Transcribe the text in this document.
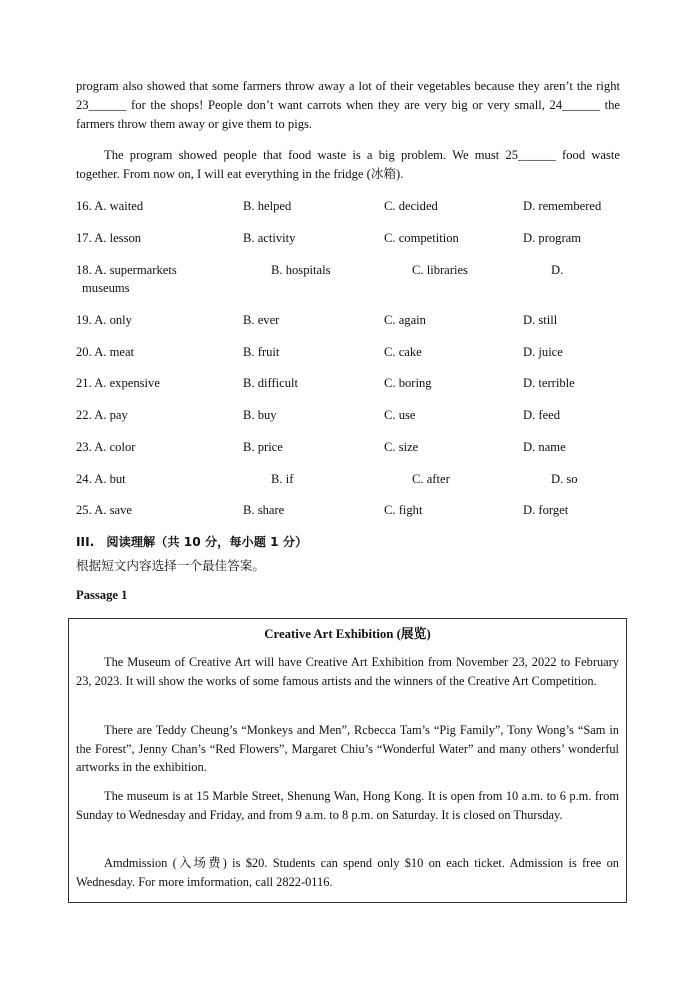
program also showed that some farmers throw away a lot of their vegetables because they aren’t the right 23______ for the shops! People don’t want carrots when they are very big or very small, 24______ the farmers throw them away or give them to pigs.
The program showed people that food waste is a big problem. We must 25______ food waste together. From now on, I will eat everything in the fridge (冰箱).
16. A. waited	B. helped	C. decided	D. remembered
17. A. lesson	B. activity	C. competition	D. program
18. A. supermarkets	B. hospitals	C. libraries	D.
museums
19. A. only	B. ever	C. again	D. still
20. A. meat	B. fruit	C. cake	D. juice
21. A. expensive	B. difficult	C. boring	D. terrible
22. A. pay	B. buy	C. use	D. feed
23. A. color	B. price	C. size	D. name
24. A. but	B. if	C. after	D. so
25. A. save	B. share	C. fight	D. forget
III.　阅读理解（共 10 分，每小题 1 分）
根据短文内容选择一个最佳答案。
Passage 1
Creative Art Exhibition (展览)
The Museum of Creative Art will have Creative Art Exhibition from November 23, 2022 to February 23, 2023. It will show the works of some famous artists and the winners of the Creative Art Competition.
There are Teddy Cheung’s “Monkeys and Men”, Rcbecca Tam’s “Pig Family”, Tony Wong’s “Sam in the Forest”, Jenny Chan’s “Red Flowers”, Margaret Chiu’s “Wonderful Water” and many others’ wonderful artworks in the exhibition.
The museum is at 15 Marble Street, Shenung Wan, Hong Kong. It is open from 10 a.m. to 6 p.m. from Sunday to Wednesday and Friday, and from 9 a.m. to 8 p.m. on Saturday. It is closed on Thursday.
Amdmission (入场费) is $20. Students can spend only $10 on each ticket. Admission is free on Wednesday. For more imformation, call 2822-0116.
